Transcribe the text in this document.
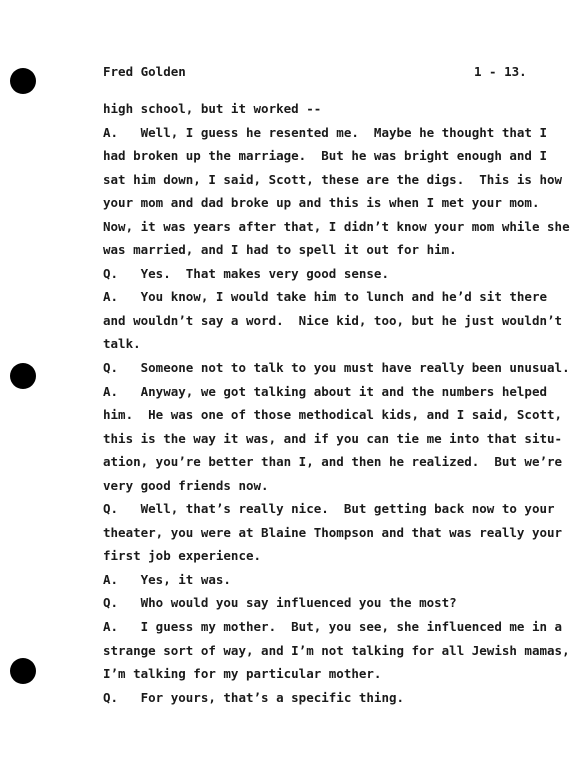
Fred Golden	1 - 13.
high school, but it worked --
A.   Well, I guess he resented me.  Maybe he thought that I
had broken up the marriage.  But he was bright enough and I
sat him down, I said, Scott, these are the digs.  This is how
your mom and dad broke up and this is when I met your mom.
Now, it was years after that, I didn’t know your mom while she
was married, and I had to spell it out for him.
Q.   Yes.  That makes very good sense.
A.   You know, I would take him to lunch and he’d sit there
and wouldn’t say a word.  Nice kid, too, but he just wouldn’t
talk.
Q.   Someone not to talk to you must have really been unusual.
A.   Anyway, we got talking about it and the numbers helped
him.  He was one of those methodical kids, and I said, Scott,
this is the way it was, and if you can tie me into that situ-
ation, you’re better than I, and then he realized.  But we’re
very good friends now.
Q.   Well, that’s really nice.  But getting back now to your
theater, you were at Blaine Thompson and that was really your
first job experience.
A.   Yes, it was.
Q.   Who would you say influenced you the most?
A.   I guess my mother.  But, you see, she influenced me in a
strange sort of way, and I’m not talking for all Jewish mamas,
I’m talking for my particular mother.
Q.   For yours, that’s a specific thing.
